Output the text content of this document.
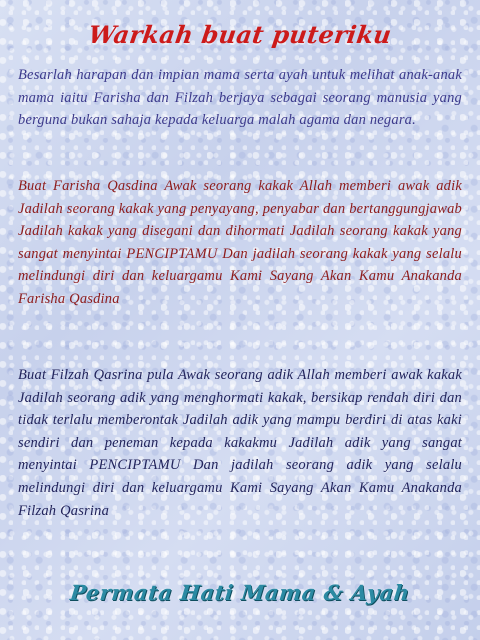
Warkah buat puteriku

Besarlah harapan dan impian mama serta ayah untuk melihat anak-anak mama iaitu Farisha dan Filzah berjaya sebagai seorang manusia yang berguna bukan sahaja kepada keluarga malah agama dan negara.

Buat Farisha Qasdina Awak seorang kakak Allah memberi awak adik Jadilah seorang kakak yang penyayang, penyabar dan bertanggungjawab Jadilah kakak yang disegani dan dihormati Jadilah seorang kakak yang sangat menyintai PENCIPTAMU Dan jadilah seorang kakak yang selalu melindungi diri dan keluargamu Kami Sayang Akan Kamu Anakanda Farisha Qasdina

Buat Filzah Qasrina pula Awak seorang adik Allah memberi awak kakak Jadilah seorang adik yang menghormati kakak, bersikap rendah diri dan tidak terlalu memberontak Jadilah adik yang mampu berdiri di atas kaki sendiri dan peneman kepada kakakmu Jadilah adik yang sangat menyintai PENCIPTAMU Dan jadilah seorang adik yang selalu melindungi diri dan keluargamu Kami Sayang Akan Kamu Anakanda Filzah Qasrina

Permata Hati Mama & Ayah
